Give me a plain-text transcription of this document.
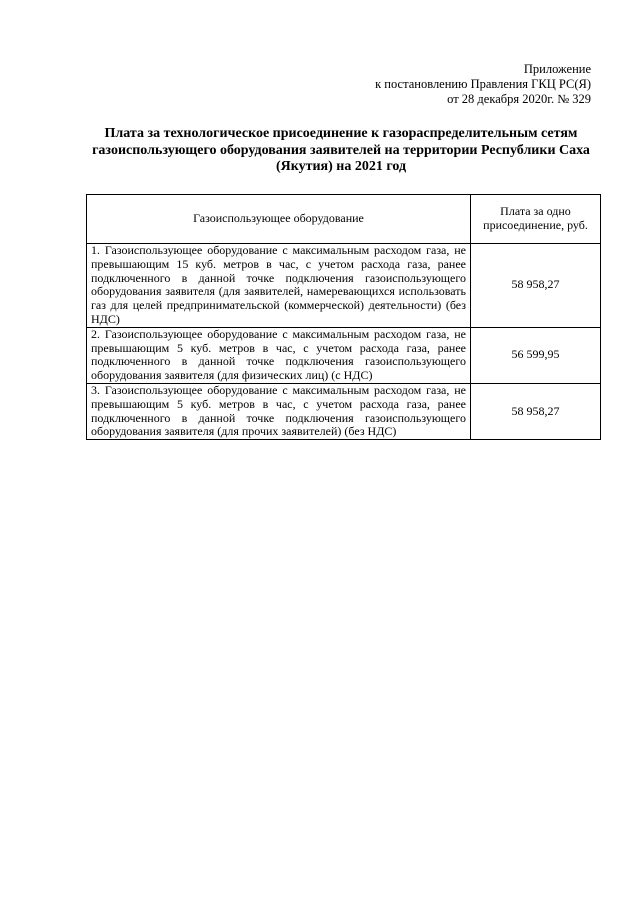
Приложение
к постановлению Правления ГКЦ РС(Я)
от 28 декабря 2020г. № 329
Плата за технологическое присоединение к газораспределительным сетям газоиспользующего оборудования заявителей на территории Республики Саха (Якутия) на 2021 год
Газоиспользующее оборудование	Плата за одно присоединение, руб.
1. Газоиспользующее оборудование с максимальным расходом газа, не превышающим 15 куб. метров в час, с учетом расхода газа, ранее подключенного в данной точке подключения газоиспользующего оборудования заявителя (для заявителей, намеревающихся использовать газ для целей предпринимательской (коммерческой) деятельности) (без НДС)	58 958,27
2. Газоиспользующее оборудование с максимальным расходом газа, не превышающим 5 куб. метров в час, с учетом расхода газа, ранее подключенного в данной точке подключения газоиспользующего оборудования заявителя (для физических лиц) (с НДС)	56 599,95
3. Газоиспользующее оборудование с максимальным расходом газа, не превышающим 5 куб. метров в час, с учетом расхода газа, ранее подключенного в данной точке подключения газоиспользующего оборудования заявителя (для прочих заявителей) (без НДС)	58 958,27
